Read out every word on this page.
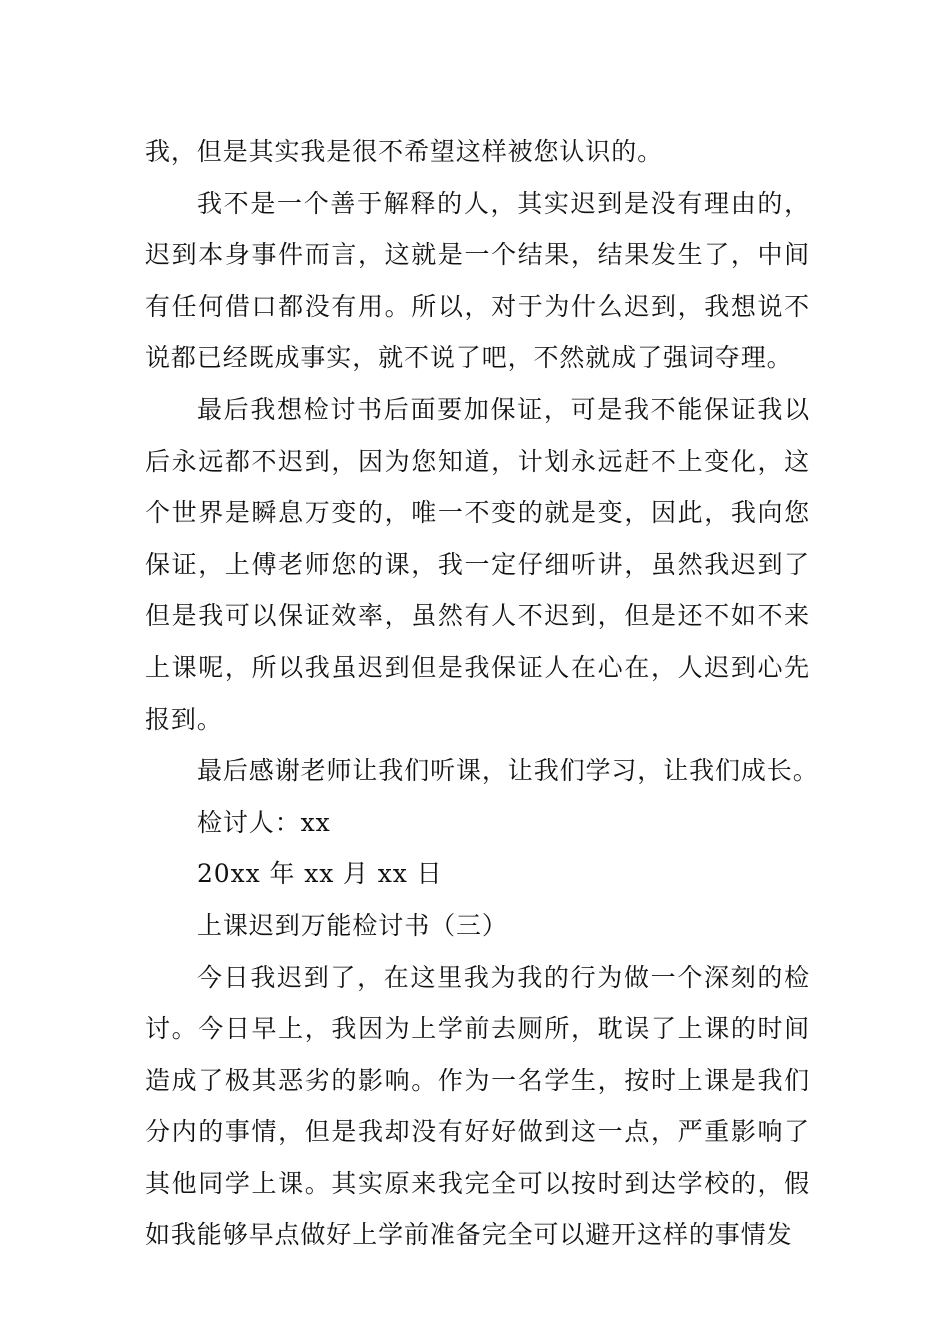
我，但是其实我是很不希望这样被您认识的。

我不是一个善于解释的人，其实迟到是没有理由的，迟到本身事件而言，这就是一个结果，结果发生了，中间有任何借口都没有用。所以，对于为什么迟到，我想说不说都已经既成事实，就不说了吧，不然就成了强词夺理。

最后我想检讨书后面要加保证，可是我不能保证我以后永远都不迟到，因为您知道，计划永远赶不上变化，这个世界是瞬息万变的，唯一不变的就是变，因此，我向您保证，上傅老师您的课，我一定仔细听讲，虽然我迟到了但是我可以保证效率，虽然有人不迟到，但是还不如不来上课呢，所以我虽迟到但是我保证人在心在，人迟到心先报到。

最后感谢老师让我们听课，让我们学习，让我们成长。

检讨人：xx

20xx 年 xx 月 xx 日

上课迟到万能检讨书（三）

今日我迟到了，在这里我为我的行为做一个深刻的检讨。今日早上，我因为上学前去厕所，耽误了上课的时间造成了极其恶劣的影响。作为一名学生，按时上课是我们分内的事情，但是我却没有好好做到这一点，严重影响了其他同学上课。其实原来我完全可以按时到达学校的，假如我能够早点做好上学前准备完全可以避开这样的事情发
